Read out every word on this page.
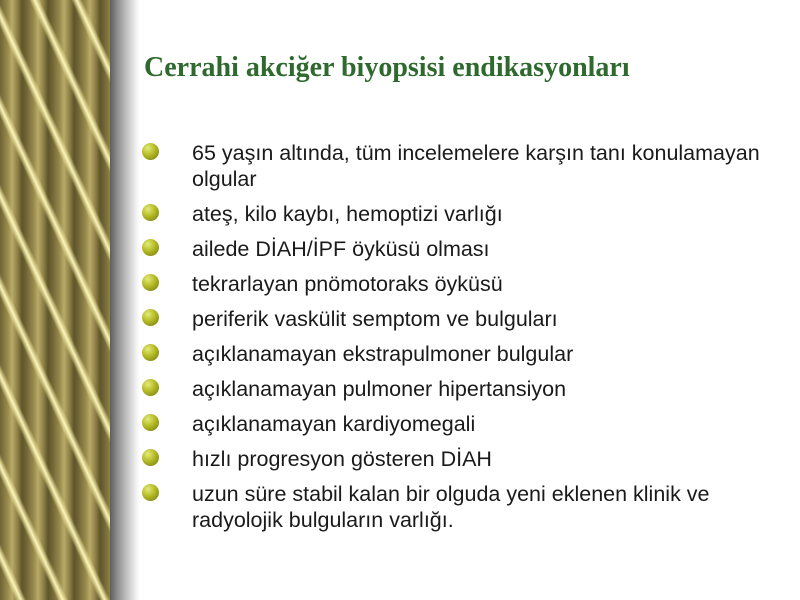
Cerrahi akciğer biyopsisi endikasyonları
65 yaşın altında, tüm incelemelere karşın tanı konulamayan olgular
ateş, kilo kaybı, hemoptizi varlığı
ailede DİAH/İPF öyküsü olması
tekrarlayan pnömotoraks öyküsü
periferik vaskülit semptom ve bulguları
açıklanamayan ekstrapulmoner bulgular
açıklanamayan pulmoner hipertansiyon
açıklanamayan kardiyomegali
hızlı progresyon gösteren DİAH
uzun süre stabil kalan bir olguda yeni eklenen klinik ve radyolojik bulguların varlığı.
